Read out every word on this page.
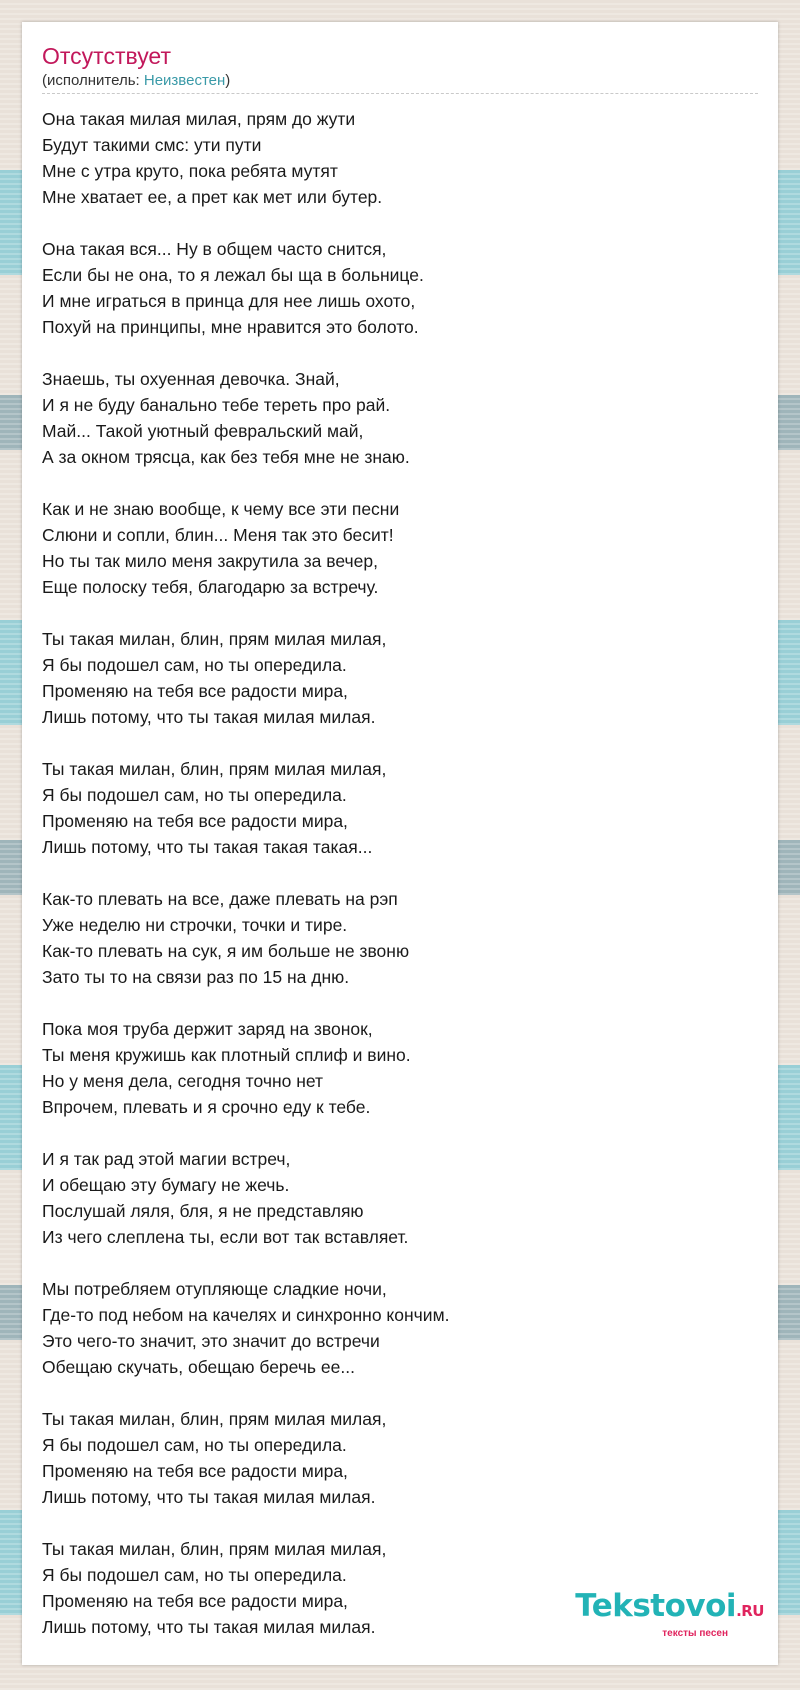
Отсутствует
(исполнитель: Неизвестен)
Она такая милая милая, прям до жути
Будут такими смс: ути пути
Мне с утра круто, пока ребята мутят
Мне хватает ее, а прет как мет или бутер.
Она такая вся... Ну в общем часто снится,
Если бы не она, то я лежал бы ща в больнице.
И мне играться в принца для нее лишь охото,
Похуй на принципы, мне нравится это болото.
Знаешь, ты охуенная девочка. Знай,
И я не буду банально тебе тереть про рай.
Май... Такой уютный февральский май,
А за окном трясца, как без тебя мне не знаю.
Как и не знаю вообще, к чему все эти песни
Слюни и сопли, блин... Меня так это бесит!
Но ты так мило меня закрутила за вечер,
Еще полоску тебя, благодарю за встречу.
Ты такая милан, блин, прям милая милая,
Я бы подошел сам, но ты опередила.
Променяю на тебя все радости мира,
Лишь потому, что ты такая милая милая.
Ты такая милан, блин, прям милая милая,
Я бы подошел сам, но ты опередила.
Променяю на тебя все радости мира,
Лишь потому, что ты такая такая такая...
Как-то плевать на все, даже плевать на рэп
Уже неделю ни строчки, точки и тире.
Как-то плевать на сук, я им больше не звоню
Зато ты то на связи раз по 15 на дню.
Пока моя труба держит заряд на звонок,
Ты меня кружишь как плотный сплиф и вино.
Но у меня дела, сегодня точно нет
Впрочем, плевать и я срочно еду к тебе.
И я так рад этой магии встреч,
И обещаю эту бумагу не жечь.
Послушай ляля, бля, я не представляю
Из чего слеплена ты, если вот так вставляет.
Мы потребляем отупляюще сладкие ночи,
Где-то под небом на качелях и синхронно кончим.
Это чего-то значит, это значит до встречи
Обещаю скучать, обещаю беречь ее...
Ты такая милан, блин, прям милая милая,
Я бы подошел сам, но ты опередила.
Променяю на тебя все радости мира,
Лишь потому, что ты такая милая милая.
Ты такая милан, блин, прям милая милая,
Я бы подошел сам, но ты опередила.
Променяю на тебя все радости мира,
Лишь потому, что ты такая милая милая.
Tekstovoi.RU
тексты песен
